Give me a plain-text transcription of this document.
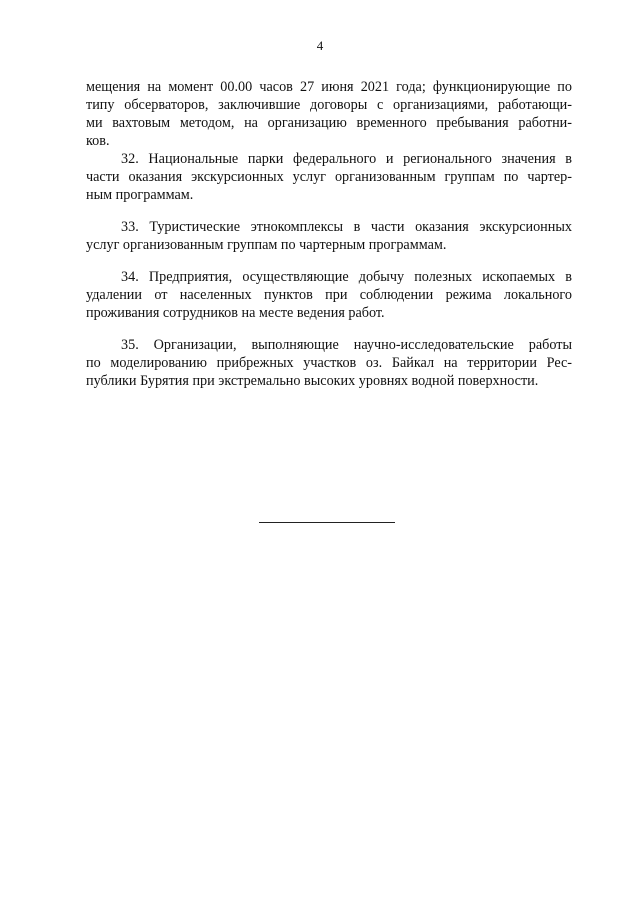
4
мещения на момент 00.00 часов 27 июня 2021 года; функционирующие по
типу обсерваторов, заключившие договоры с организациями, работающи-
ми вахтовым методом, на организацию временного пребывания работни-
ков.
32. Национальные парки федерального и регионального значения в
части оказания экскурсионных услуг организованным группам по чартер-
ным программам.
33. Туристические этнокомплексы в части оказания экскурсионных
услуг организованным группам по чартерным программам.
34. Предприятия, осуществляющие добычу полезных ископаемых в
удалении от населенных пунктов при соблюдении режима локального
проживания сотрудников на месте ведения работ.
35. Организации, выполняющие научно-исследовательские работы
по моделированию прибрежных участков оз. Байкал на территории Рес-
публики Бурятия при экстремально высоких уровнях водной поверхности.
